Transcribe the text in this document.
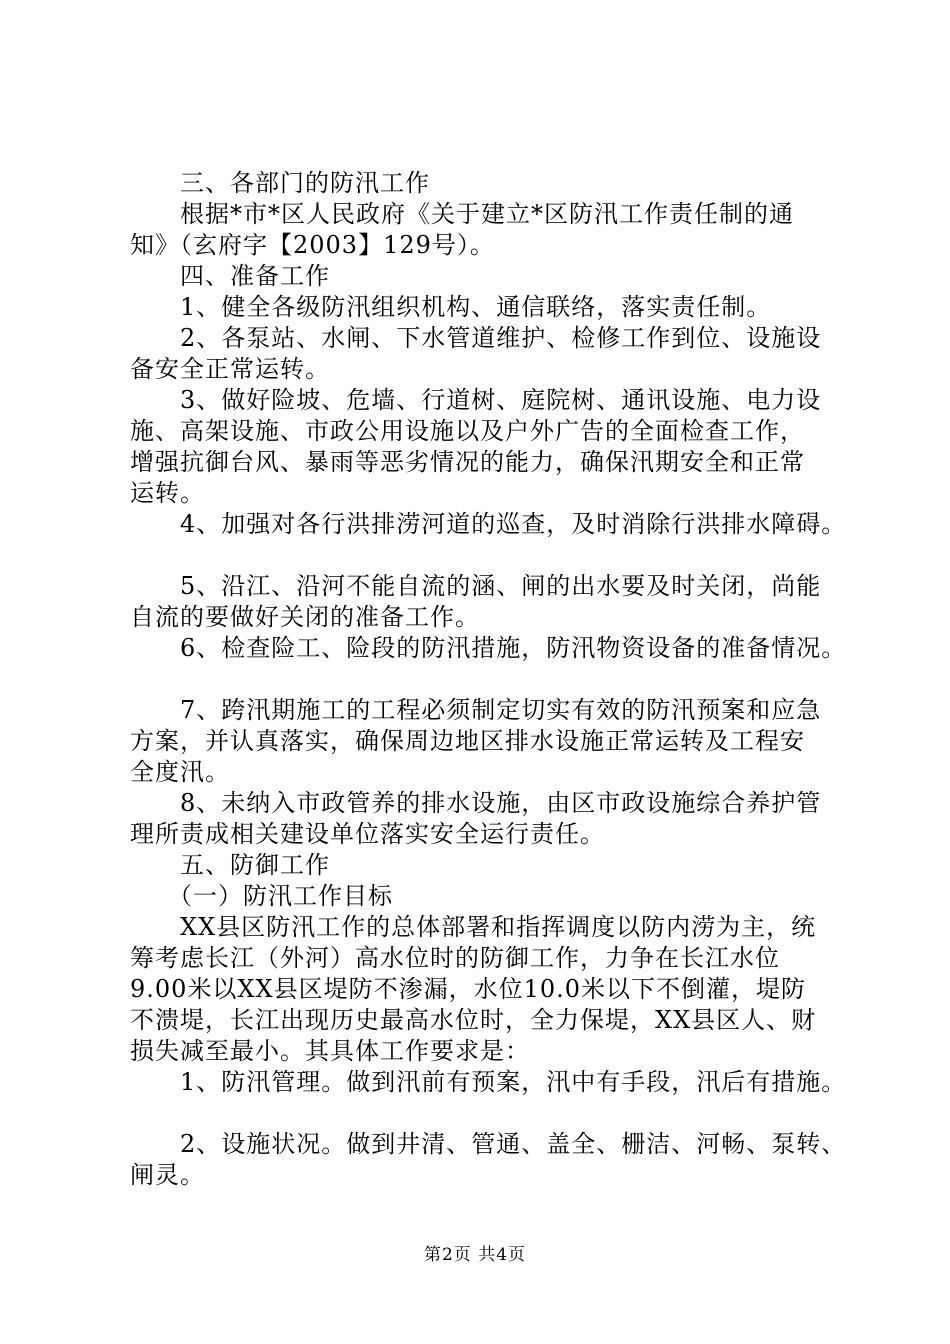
　　三、各部门的防汛工作
　　根据*市*区人民政府《关于建立*区防汛工作责任制的通
知》（玄府字【2003】129号）。
　　四、准备工作
　　1、健全各级防汛组织机构、通信联络，落实责任制。
　　2、各泵站、水闸、下水管道维护、检修工作到位、设施设
备安全正常运转。
　　3、做好险坡、危墙、行道树、庭院树、通讯设施、电力设
施、高架设施、市政公用设施以及户外广告的全面检查工作，
增强抗御台风、暴雨等恶劣情况的能力，确保汛期安全和正常
运转。
　　4、加强对各行洪排涝河道的巡查，及时消除行洪排水障碍。
　　5、沿江、沿河不能自流的涵、闸的出水要及时关闭，尚能
自流的要做好关闭的准备工作。
　　6、检查险工、险段的防汛措施，防汛物资设备的准备情况。
　　7、跨汛期施工的工程必须制定切实有效的防汛预案和应急
方案，并认真落实，确保周边地区排水设施正常运转及工程安
全度汛。
　　8、未纳入市政管养的排水设施，由区市政设施综合养护管
理所责成相关建设单位落实安全运行责任。
　　五、防御工作
　　（一）防汛工作目标
　　XX县区防汛工作的总体部署和指挥调度以防内涝为主，统
筹考虑长江（外河）高水位时的防御工作，力争在长江水位
9.00米以XX县区堤防不渗漏，水位10.0米以下不倒灌，堤防
不溃堤，长江出现历史最高水位时，全力保堤，XX县区人、财
损失减至最小。其具体工作要求是：
　　1、防汛管理。做到汛前有预案，汛中有手段，汛后有措施。
　　2、设施状况。做到井清、管通、盖全、栅洁、河畅、泵转、
闸灵。
第2页 共4页
